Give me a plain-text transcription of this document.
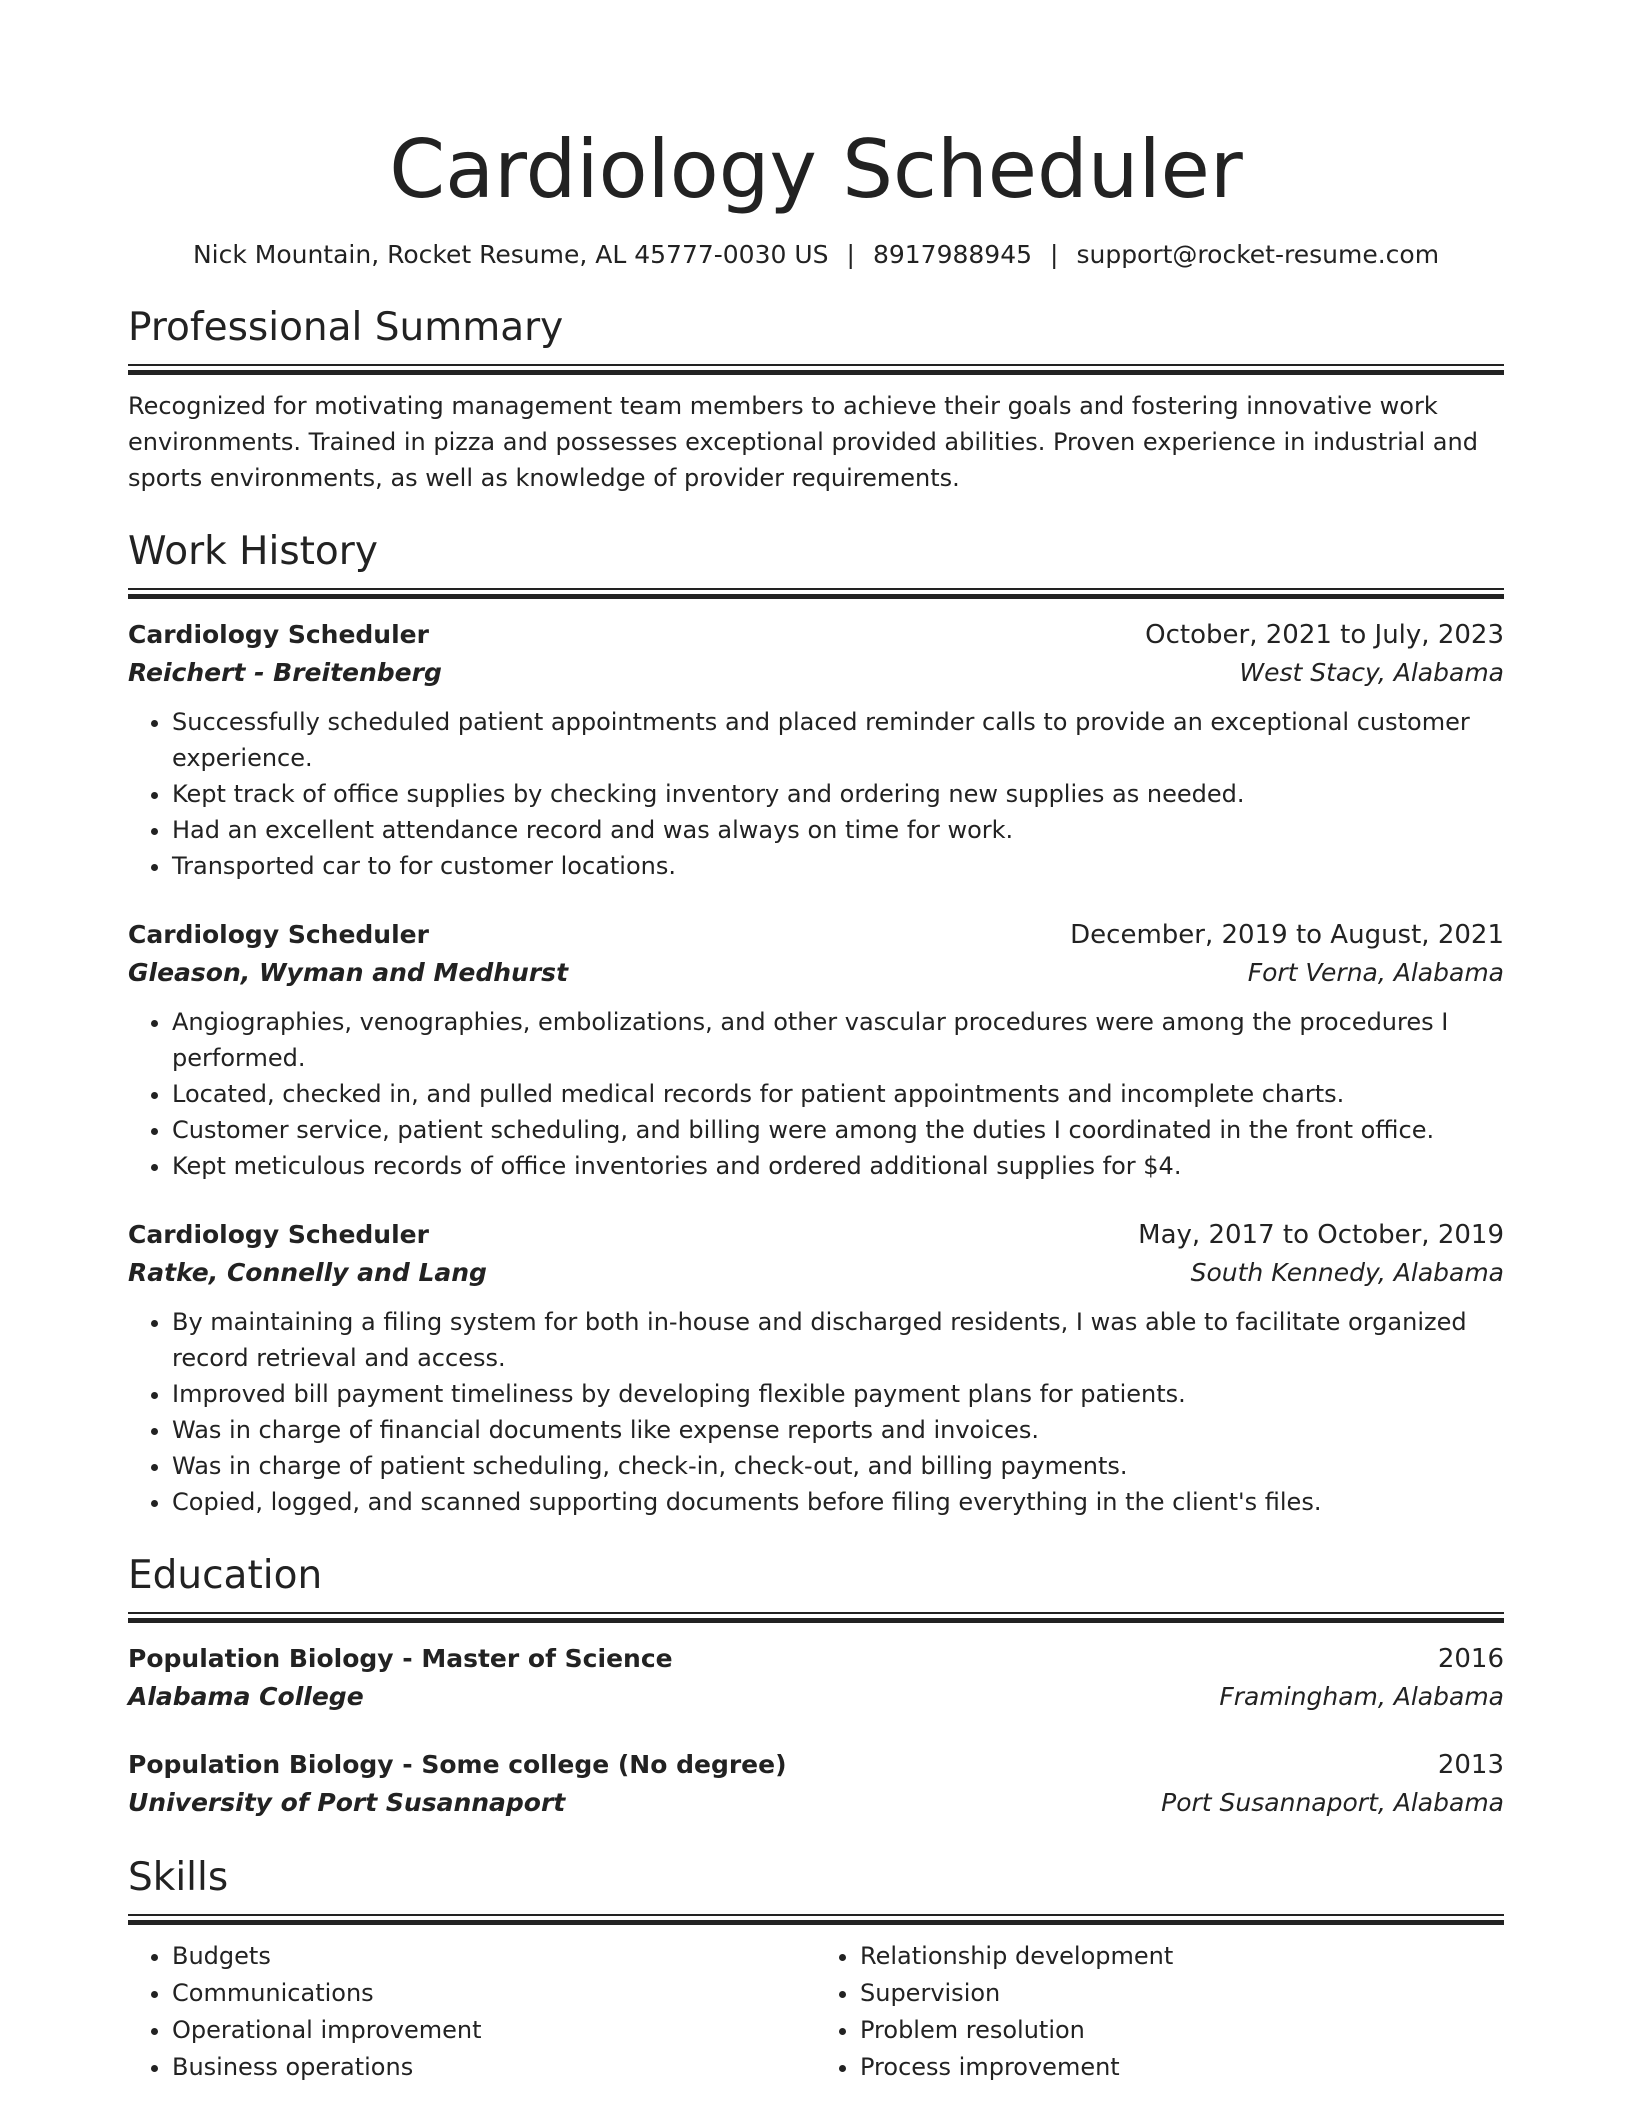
Cardiology Scheduler
Nick Mountain, Rocket Resume, AL 45777-0030 US | 8917988945 | support@rocket-resume.com
Professional Summary
Recognized for motivating management team members to achieve their goals and fostering innovative work environments. Trained in pizza and possesses exceptional provided abilities. Proven experience in industrial and sports environments, as well as knowledge of provider requirements.
Work History
Cardiology Scheduler	October, 2021 to July, 2023
Reichert - Breitenberg	West Stacy, Alabama
• Successfully scheduled patient appointments and placed reminder calls to provide an exceptional customer experience.
• Kept track of office supplies by checking inventory and ordering new supplies as needed.
• Had an excellent attendance record and was always on time for work.
• Transported car to for customer locations.
Cardiology Scheduler	December, 2019 to August, 2021
Gleason, Wyman and Medhurst	Fort Verna, Alabama
• Angiographies, venographies, embolizations, and other vascular procedures were among the procedures I performed.
• Located, checked in, and pulled medical records for patient appointments and incomplete charts.
• Customer service, patient scheduling, and billing were among the duties I coordinated in the front office.
• Kept meticulous records of office inventories and ordered additional supplies for $4.
Cardiology Scheduler	May, 2017 to October, 2019
Ratke, Connelly and Lang	South Kennedy, Alabama
• By maintaining a filing system for both in-house and discharged residents, I was able to facilitate organized record retrieval and access.
• Improved bill payment timeliness by developing flexible payment plans for patients.
• Was in charge of financial documents like expense reports and invoices.
• Was in charge of patient scheduling, check-in, check-out, and billing payments.
• Copied, logged, and scanned supporting documents before filing everything in the client's files.
Education
Population Biology - Master of Science	2016
Alabama College	Framingham, Alabama
Population Biology - Some college (No degree)	2013
University of Port Susannaport	Port Susannaport, Alabama
Skills
• Budgets
• Communications
• Operational improvement
• Business operations
• Relationship development
• Supervision
• Problem resolution
• Process improvement
